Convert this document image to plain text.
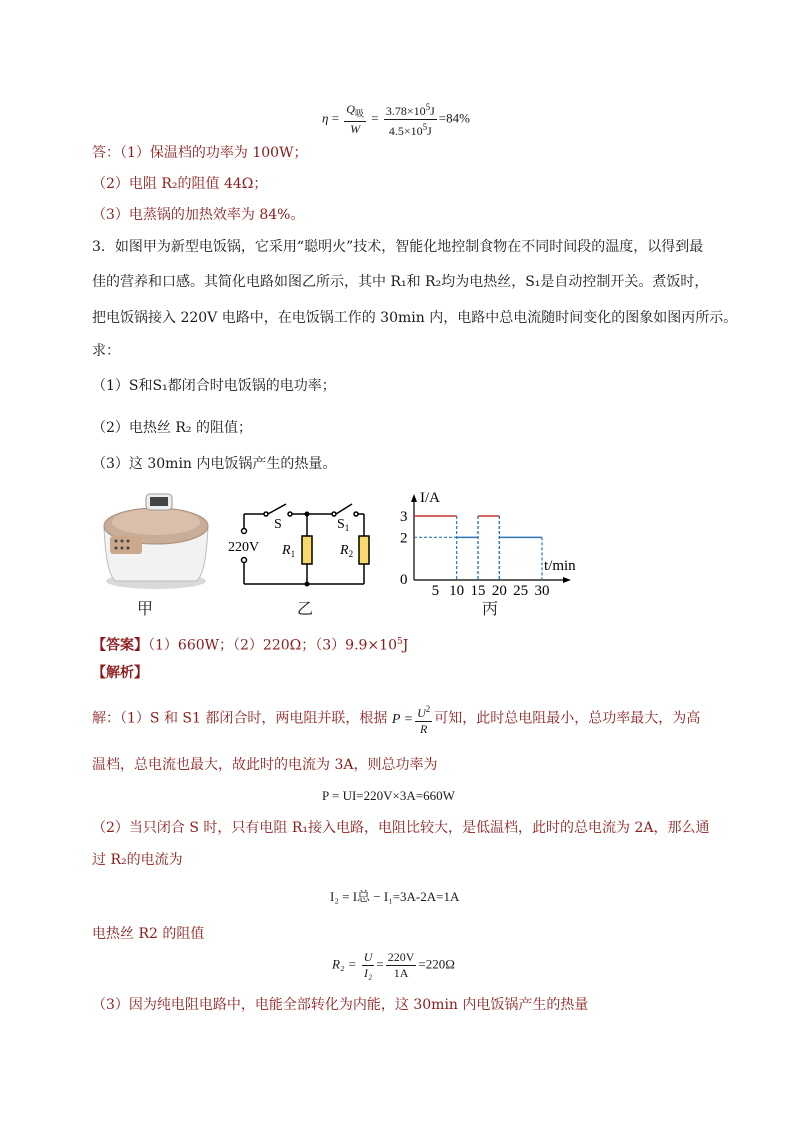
$\eta = \frac{Q_吸}{W} = \frac{3.78\times 10^5J}{4.5\times 10^5J} =84\%$
答：（1）保温档的功率为 100W；
（2）电阻 R₂的阻值 44Ω；
（3）电蒸锅的加热效率为 84%。
3．如图甲为新型电饭锅，它采用“聪明火”技术，智能化地控制食物在不同时间段的温度，以得到最
佳的营养和口感。其简化电路如图乙所示，其中 R₁和 R₂均为电热丝，S₁是自动控制开关。煮饭时，
把电饭锅接入 220V 电路中，在电饭锅工作的 30min 内，电路中总电流随时间变化的图象如图丙所示。
求：
（1）S和S₁都闭合时电饭锅的电功率；
（2）电热丝 R₂ 的阻值；
（3）这 30min 内电饭锅产生的热量。
甲
S	$S_1$
220V $R_1$	$R_2$
乙
I/A
t/min
5 10 15 20 25 30
3
2
0
丙
【答案】（1）660W；（2）220Ω；$(3)9.9\times 10^5J$
【解析】
解：（1）S 和 S1 都闭合时，两电阻并联，根据 $P = \frac{U^2}{R}$ 可知，此时总电阻最小，总功率最大，为高
温档，总电流也最大，故此时的电流为 3A，则总功率为
P = UI=220V×3A=660W
（2）当只闭合 S 时，只有电阻 R₁接入电路，电阻比较大，是低温档，此时的总电流为 2A，那么通
过 R₂的电流为
I₂ = I总 − I₁=3A-2A=1A
电热丝 R2 的阻值
$R_2 = \frac{U}{\text{I₂}} = \frac{220V}{1A} =220\Omega$
（3）因为纯电阻电路中，电能全部转化为内能，这 30min 内电饭锅产生的热量
